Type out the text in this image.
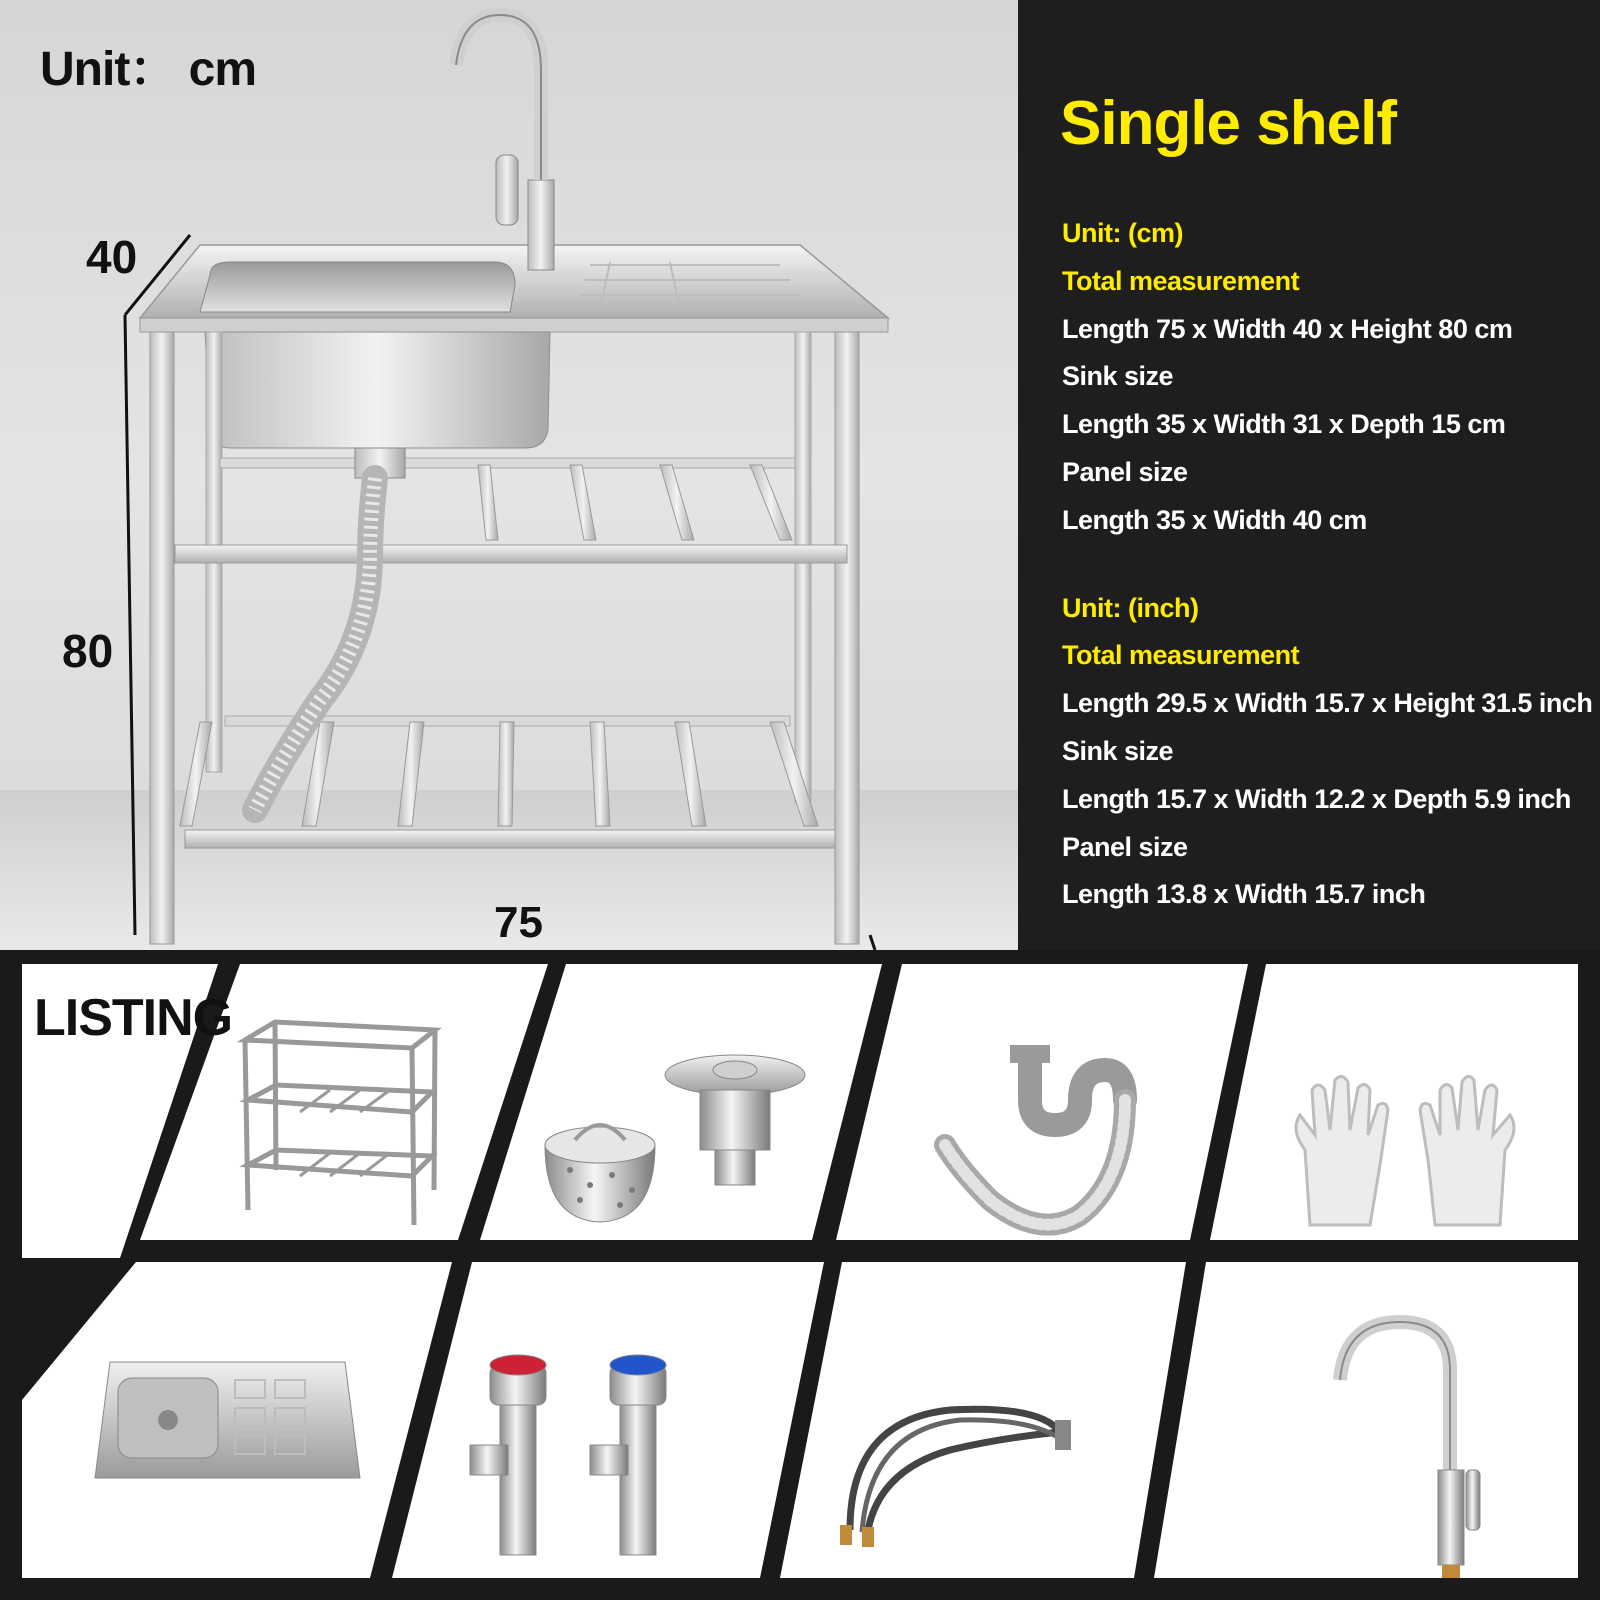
Unit： cm
40
80
75
Single shelf
Unit: (cm)
Total measurement
Length 75 x Width 40 x Height 80 cm
Sink size
Length 35 x Width 31 x Depth 15 cm
Panel size
Length 35 x Width 40 cm
Unit: (inch)
Total measurement
Length 29.5 x Width 15.7 x Height 31.5 inch
Sink size
Length 15.7 x Width 12.2 x Depth 5.9 inch
Panel size
Length 13.8 x Width 15.7 inch
LISTING
